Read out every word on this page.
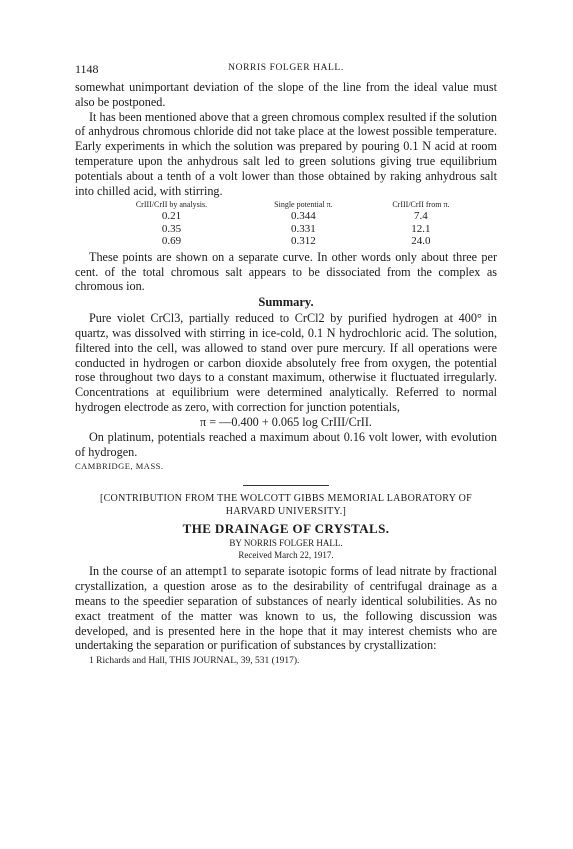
1148	NORRIS FOLGER HALL.

somewhat unimportant deviation of the slope of the line from the ideal value must also be postponed.

It has been mentioned above that a green chromous complex resulted if the solution of anhydrous chromous chloride did not take place at the lowest possible temperature. Early experiments in which the solution was prepared by pouring 0.1 N acid at room temperature upon the anhydrous salt led to green solutions giving true equilibrium potentials about a tenth of a volt lower than those obtained by raking anhydrous salt into chilled acid, with stirring.

CrIII/CrII by analysis.	Single potential π.	CrIII/CrII from π.
0.21	0.344	7.4
0.35	0.331	12.1
0.69	0.312	24.0

These points are shown on a separate curve. In other words only about three per cent. of the total chromous salt appears to be dissociated from the complex as chromous ion.

Summary.

Pure violet CrCl3, partially reduced to CrCl2 by purified hydrogen at 400° in quartz, was dissolved with stirring in ice-cold, 0.1 N hydrochloric acid. The solution, filtered into the cell, was allowed to stand over pure mercury. If all operations were conducted in hydrogen or carbon dioxide absolutely free from oxygen, the potential rose throughout two days to a constant maximum, otherwise it fluctuated irregularly. Concentrations at equilibrium were determined analytically. Referred to normal hydrogen electrode as zero, with correction for junction potentials,

π = —0.400 + 0.065 log CrIII/CrII.

On platinum, potentials reached a maximum about 0.16 volt lower, with evolution of hydrogen.

CAMBRIDGE, MASS.
[CONTRIBUTION FROM THE WOLCOTT GIBBS MEMORIAL LABORATORY OF HARVARD UNIVERSITY.]
THE DRAINAGE OF CRYSTALS.
BY NORRIS FOLGER HALL.
Received March 22, 1917.

In the course of an attempt1 to separate isotopic forms of lead nitrate by fractional crystallization, a question arose as to the desirability of centrifugal drainage as a means to the speedier separation of substances of nearly identical solubilities. As no exact treatment of the matter was known to us, the following discussion was developed, and is presented here in the hope that it may interest chemists who are undertaking the separation or purification of substances by crystallization:

1 Richards and Hall, THIS JOURNAL, 39, 531 (1917).
